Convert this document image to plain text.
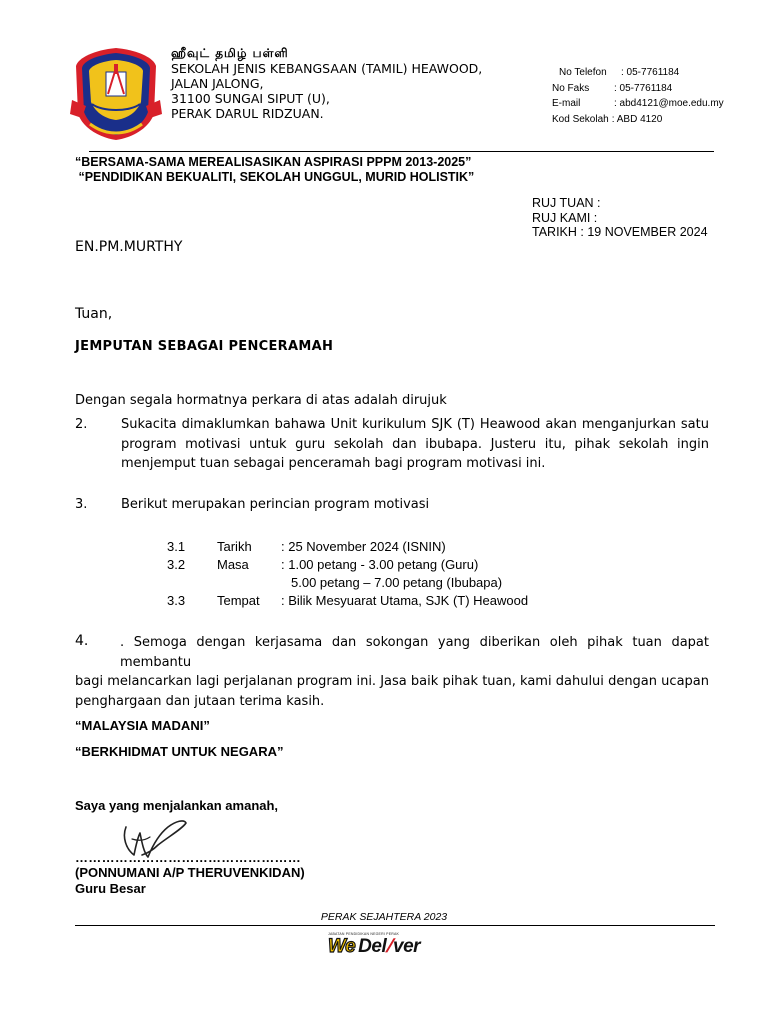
ஹீவுட் தமிழ் பள்ளி
SEKOLAH JENIS KEBANGSAAN (TAMIL) HEAWOOD,
JALAN JALONG,
31100 SUNGAI SIPUT (U),
PERAK DARUL RIDZUAN.
No Telefon	: 05-7761184
No Faks	: 05-7761184
E-mail	: abd4121@moe.edu.my
Kod Sekolah : ABD 4120
“BERSAMA-SAMA MEREALISASIKAN ASPIRASI PPPM 2013-2025”
“PENDIDIKAN BEKUALITI, SEKOLAH UNGGUL, MURID HOLISTIK”
RUJ TUAN :
RUJ KAMI :
TARIKH : 19 NOVEMBER 2024
EN.PM.MURTHY
Tuan,
JEMPUTAN SEBAGAI PENCERAMAH
Dengan segala hormatnya perkara di atas adalah dirujuk
2.	Sukacita dimaklumkan bahawa Unit kurikulum SJK (T) Heawood akan menganjurkan satu
program motivasi untuk guru sekolah dan ibubapa. Justeru itu, pihak sekolah ingin
menjemput tuan sebagai penceramah bagi program motivasi ini.
3.	Berikut merupakan perincian program motivasi
3.1	Tarikh	: 25 November 2024 (ISNIN)
3.2	Masa	: 1.00 petang - 3.00 petang (Guru)
5.00 petang – 7.00 petang (Ibubapa)
3.3	Tempat	: Bilik Mesyuarat Utama, SJK (T) Heawood
4.	. Semoga dengan kerjasama dan sokongan yang diberikan oleh pihak tuan dapat membantu
bagi melancarkan lagi perjalanan program ini. Jasa baik pihak tuan, kami dahului dengan ucapan
penghargaan dan jutaan terima kasih.
“MALAYSIA MADANI”
“BERKHIDMAT UNTUK NEGARA”
Saya yang menjalankan amanah,
……………………………………………
(PONNUMANI A/P THERUVENKIDAN)
Guru Besar
PERAK SEJAHTERA 2023
JABATAN PENDIDIKAN NEGERI PERAK
We Del/ver
